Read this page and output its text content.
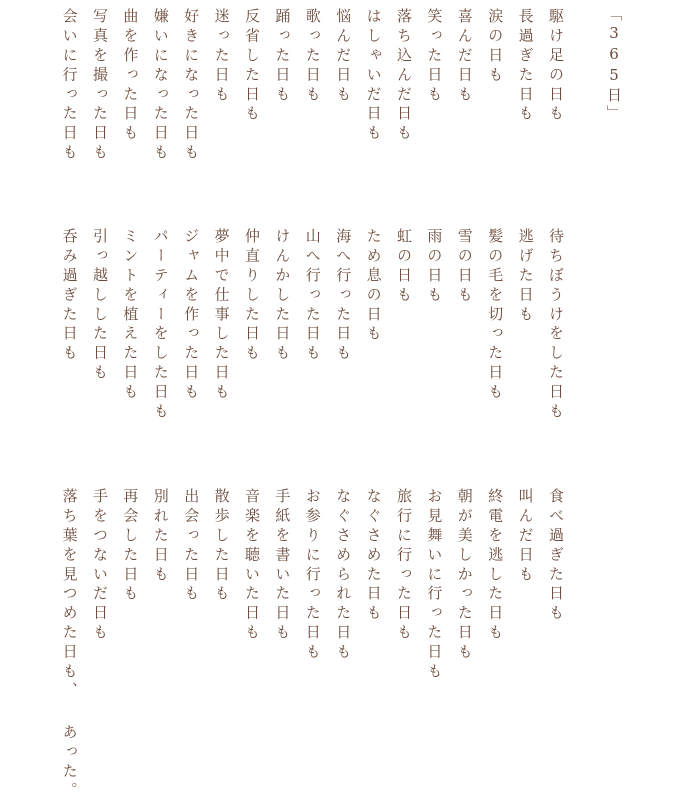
「365日」
駆け足の日も
長過ぎた日も
涙の日も
喜んだ日も
笑った日も
落ち込んだ日も
はしゃいだ日も
悩んだ日も
歌った日も
踊った日も
反省した日も
迷った日も
好きになった日も
嫌いになった日も
曲を作った日も
写真を撮った日も
会いに行った日も
待ちぼうけをした日も
逃げた日も
髪の毛を切った日も
雪の日も
雨の日も
虹の日も
ため息の日も
海へ行った日も
山へ行った日も
けんかした日も
仲直りした日も
夢中で仕事した日も
ジャムを作った日も
パーティーをした日も
ミントを植えた日も
引っ越しした日も
呑み過ぎた日も
食べ過ぎた日も
叫んだ日も
終電を逃した日も
朝が美しかった日も
お見舞いに行った日も
旅行に行った日も
なぐさめた日も
なぐさめられた日も
お参りに行った日も
手紙を書いた日も
音楽を聴いた日も
散歩した日も
出会った日も
別れた日も
再会した日も
手をつないだ日も
落ち葉を見つめた日も、 あった。
